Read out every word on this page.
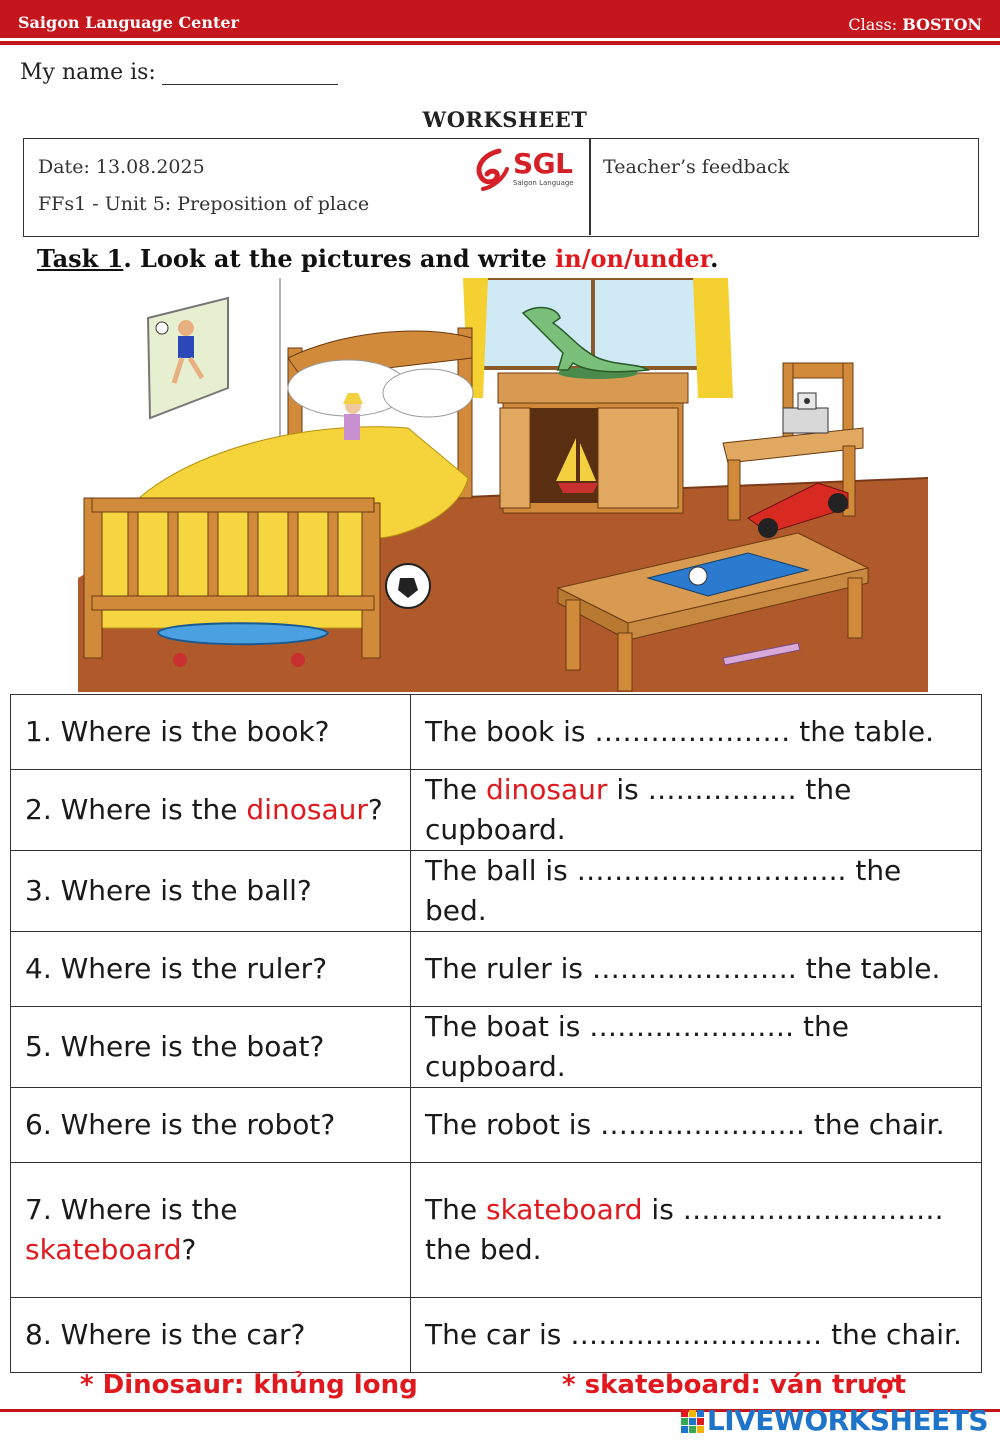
Saigon Language Center	Class: BOSTON
My name is:
WORKSHEET
Date: 13.08.2025
FFs1 - Unit 5: Preposition of place
SGL
Saigon Language
Teacher’s feedback
Task 1. Look at the pictures and write in/on/under.
1. Where is the book?	The book is ………………… the table.
2. Where is the dinosaur?	The dinosaur is ……………. the cupboard.
3. Where is the ball?	The ball is ……………………….. the bed.
4. Where is the ruler?	The ruler is …………………. the table.
5. Where is the boat?	The boat is …………………. the cupboard.
6. Where is the robot?	The robot is …………………. the chair.
7. Where is the skateboard?	The skateboard is ………………………. the bed.
8. Where is the car?	The car is ……………………… the chair.
* Dinosaur: khủng long	* skateboard: ván trượt
LIVEWORKSHEETS
